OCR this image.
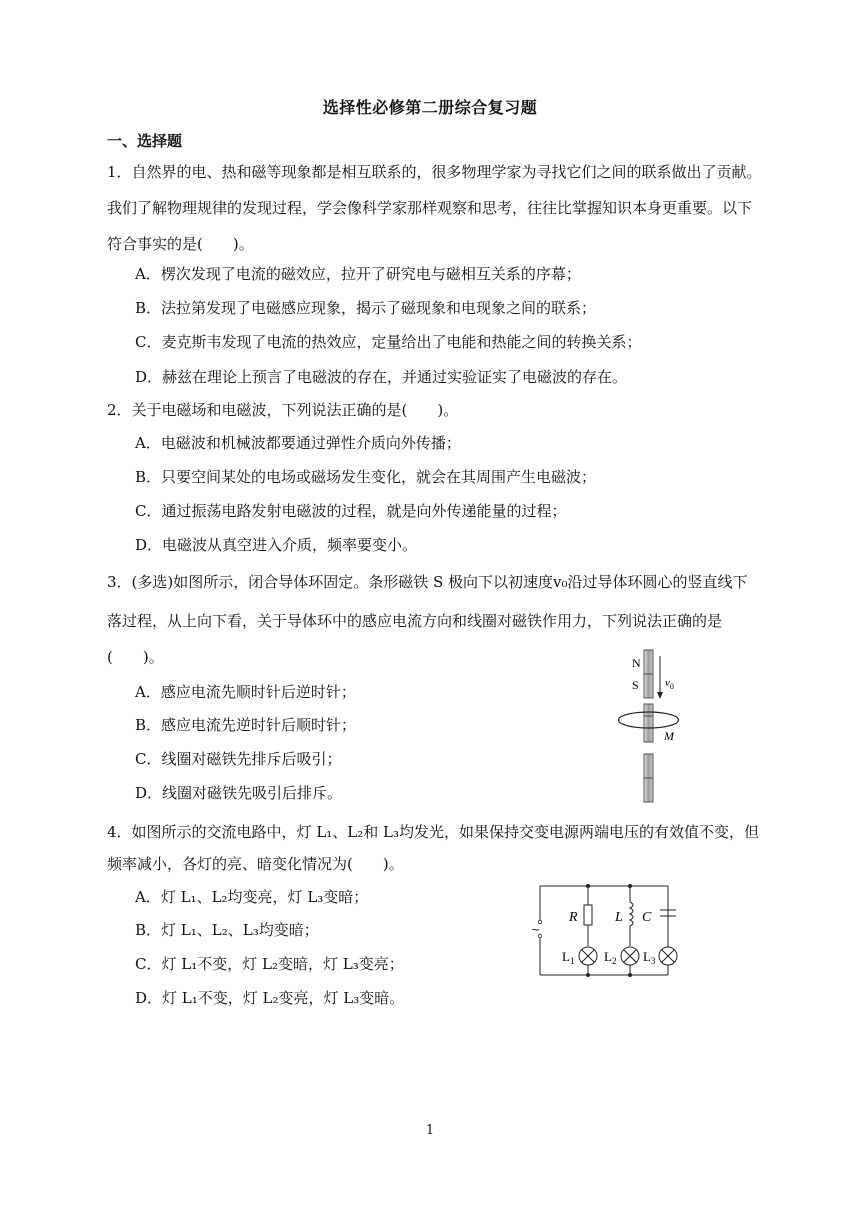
选择性必修第二册综合复习题
一、选择题
1．自然界的电、热和磁等现象都是相互联系的，很多物理学家为寻找它们之间的联系做出了贡献。
我们了解物理规律的发现过程，学会像科学家那样观察和思考，往往比掌握知识本身更重要。以下
符合事实的是(　　)。
A．楞次发现了电流的磁效应，拉开了研究电与磁相互关系的序幕；
B．法拉第发现了电磁感应现象，揭示了磁现象和电现象之间的联系；
C．麦克斯韦发现了电流的热效应，定量给出了电能和热能之间的转换关系；
D．赫兹在理论上预言了电磁波的存在，并通过实验证实了电磁波的存在。
2．关于电磁场和电磁波，下列说法正确的是(　　)。
A．电磁波和机械波都要通过弹性介质向外传播；
B．只要空间某处的电场或磁场发生变化，就会在其周围产生电磁波；
C．通过振荡电路发射电磁波的过程，就是向外传递能量的过程；
D．电磁波从真空进入介质，频率要变小。
3．(多选)如图所示，闭合导体环固定。条形磁铁 S 极向下以初速度v₀沿过导体环圆心的竖直线下
落过程，从上向下看，关于导体环中的感应电流方向和线圈对磁铁作用力，下列说法正确的是
(　　)。
A．感应电流先顺时针后逆时针；
B．感应电流先逆时针后顺时针；
C．线圈对磁铁先排斥后吸引；
D．线圈对磁铁先吸引后排斥。
N
S $v_0$
M
4．如图所示的交流电路中，灯 L₁、L₂和 L₃均发光，如果保持交变电源两端电压的有效值不变，但
频率减小，各灯的亮、暗变化情况为(　　)。
A．灯 L₁、L₂均变亮，灯 L₃变暗；
B．灯 L₁、L₂、L₃均变暗；
C．灯 L₁不变，灯 L₂变暗，灯 L₃变亮；
D．灯 L₁不变，灯 L₂变亮，灯 L₃变暗。
~
R	L C
$L_1$ $L_2$ $L_3$
1
